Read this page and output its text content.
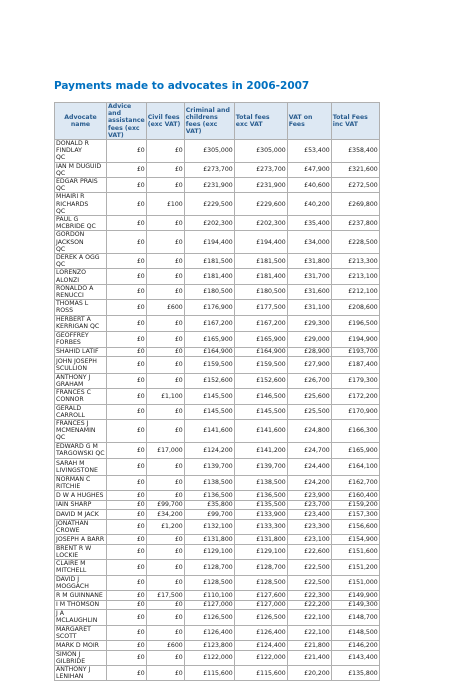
Payments made to advocates in 2006-2007
Advocate name	Advice and
assistance
fees (exc
VAT)	Civil fees
(exc VAT)	Criminal and
childrens
fees (exc
VAT)	Total fees
exc VAT	VAT on
Fees	Total Fees
inc VAT
DONALD R FINDLAY
QC	£0	£0	£305,000	£305,000	£53,400	£358,400
IAN M DUGUID QC	£0	£0	£273,700	£273,700	£47,900	£321,600
EDGAR PRAIS QC	£0	£0	£231,900	£231,900	£40,600	£272,500
MHAIRI R RICHARDS
QC	£0	£100	£229,500	£229,600	£40,200	£269,800
PAUL G MCBRIDE QC	£0	£0	£202,300	£202,300	£35,400	£237,800
GORDON JACKSON
QC	£0	£0	£194,400	£194,400	£34,000	£228,500
DEREK A OGG QC	£0	£0	£181,500	£181,500	£31,800	£213,300
LORENZO ALONZI	£0	£0	£181,400	£181,400	£31,700	£213,100
RONALDO A RENUCCI	£0	£0	£180,500	£180,500	£31,600	£212,100
THOMAS L ROSS	£0	£600	£176,900	£177,500	£31,100	£208,600
HERBERT A
KERRIGAN QC	£0	£0	£167,200	£167,200	£29,300	£196,500
GEOFFREY FORBES	£0	£0	£165,900	£165,900	£29,000	£194,900
SHAHID LATIF	£0	£0	£164,900	£164,900	£28,900	£193,700
JOHN JOSEPH
SCULLION	£0	£0	£159,500	£159,500	£27,900	£187,400
ANTHONY J GRAHAM	£0	£0	£152,600	£152,600	£26,700	£179,300
FRANCES C CONNOR	£0	£1,100	£145,500	£146,500	£25,600	£172,200
GERALD CARROLL	£0	£0	£145,500	£145,500	£25,500	£170,900
FRANCES J
MCMENAMIN QC	£0	£0	£141,600	£141,600	£24,800	£166,300
EDWARD G M
TARGOWSKI QC	£0	£17,000	£124,200	£141,200	£24,700	£165,900
SARAH M
LIVINGSTONE	£0	£0	£139,700	£139,700	£24,400	£164,100
NORMAN C RITCHIE	£0	£0	£138,500	£138,500	£24,200	£162,700
D W A HUGHES	£0	£0	£136,500	£136,500	£23,900	£160,400
IAIN SHARP	£0	£99,700	£35,800	£135,500	£23,700	£159,200
DAVID M JACK	£0	£34,200	£99,700	£133,900	£23,400	£157,300
JONATHAN CROWE	£0	£1,200	£132,100	£133,300	£23,300	£156,600
JOSEPH A BARR	£0	£0	£131,800	£131,800	£23,100	£154,900
BRENT R W LOCKIE	£0	£0	£129,100	£129,100	£22,600	£151,600
CLAIRE M MITCHELL	£0	£0	£128,700	£128,700	£22,500	£151,200
DAVID J MOGGACH	£0	£0	£128,500	£128,500	£22,500	£151,000
R M GUINNANE	£0	£17,500	£110,100	£127,600	£22,300	£149,900
I M THOMSON	£0	£0	£127,000	£127,000	£22,200	£149,300
J A MCLAUGHLIN	£0	£0	£126,500	£126,500	£22,100	£148,700
MARGARET SCOTT	£0	£0	£126,400	£126,400	£22,100	£148,500
MARK D MOIR	£0	£600	£123,800	£124,400	£21,800	£146,200
SIMON J GILBRIDE	£0	£0	£122,000	£122,000	£21,400	£143,400
ANTHONY J LENIHAN	£0	£0	£115,600	£115,600	£20,200	£135,800
